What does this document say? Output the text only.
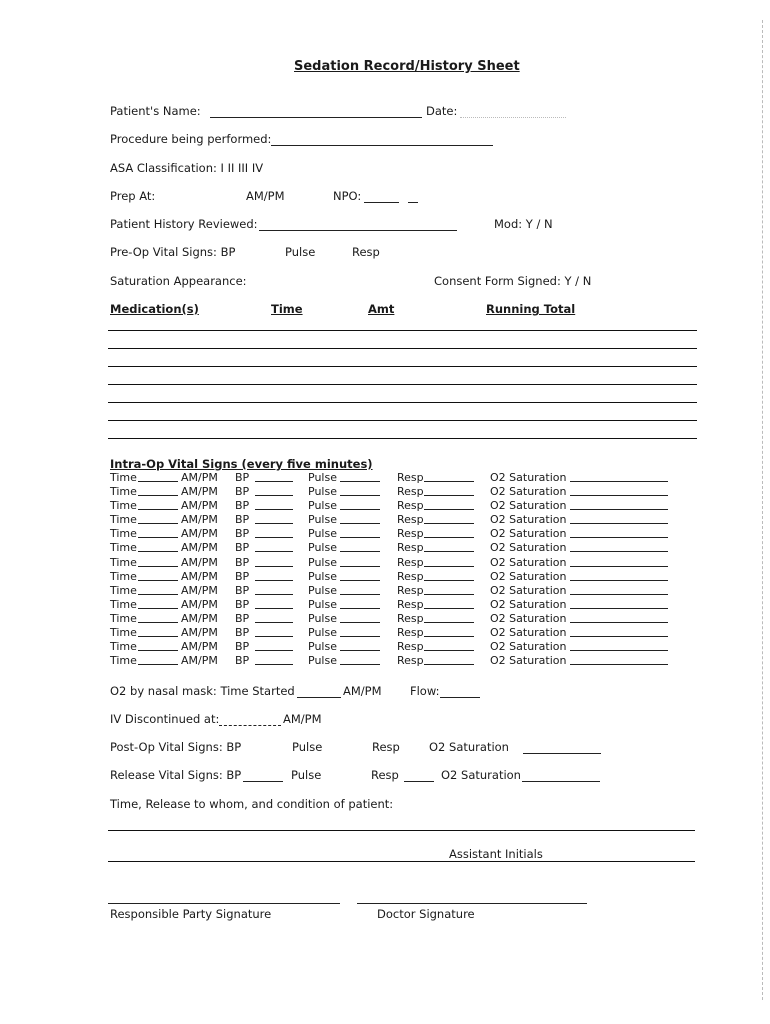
Sedation Record/History Sheet
Patient's Name:	Date:
Procedure being performed:
ASA Classification: I II III IV
Prep At:	AM/PM	NPO:
Patient History Reviewed:	Mod: Y / N
Pre-Op Vital Signs: BP	Pulse	Resp
Saturation Appearance:	Consent Form Signed: Y / N
Medication(s)	Time	Amt	Running Total
Intra-Op Vital Signs (every five minutes)
Time	AM/PM BP	Pulse	Resp	O2 Saturation
Time	AM/PM BP	Pulse	Resp	O2 Saturation
Time	AM/PM BP	Pulse	Resp	O2 Saturation
Time	AM/PM BP	Pulse	Resp	O2 Saturation
Time	AM/PM BP	Pulse	Resp	O2 Saturation
Time	AM/PM BP	Pulse	Resp	O2 Saturation
Time	AM/PM BP	Pulse	Resp	O2 Saturation
Time	AM/PM BP	Pulse	Resp	O2 Saturation
Time	AM/PM BP	Pulse	Resp	O2 Saturation
Time	AM/PM BP	Pulse	Resp	O2 Saturation
Time	AM/PM BP	Pulse	Resp	O2 Saturation
Time	AM/PM BP	Pulse	Resp	O2 Saturation
Time	AM/PM BP	Pulse	Resp	O2 Saturation
Time	AM/PM BP	Pulse	Resp	O2 Saturation
O2 by nasal mask: Time Started	AM/PM Flow:
IV Discontinued at:	AM/PM
Post-Op Vital Signs: BP	Pulse	Resp	O2 Saturation
Release Vital Signs: BP	Pulse	Resp	O2 Saturation
Time, Release to whom, and condition of patient:
Assistant Initials
Responsible Party Signature	Doctor Signature
